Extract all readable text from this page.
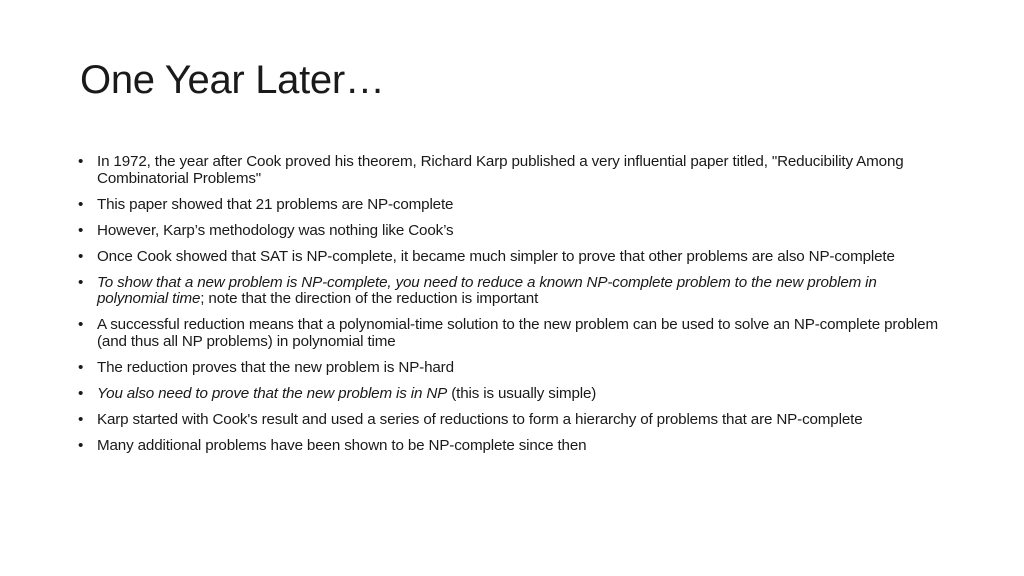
One Year Later…
• In 1972, the year after Cook proved his theorem, Richard Karp published a very influential paper titled, "Reducibility Among Combinatorial Problems"
• This paper showed that 21 problems are NP-complete
• However, Karp’s methodology was nothing like Cook’s
• Once Cook showed that SAT is NP-complete, it became much simpler to prove that other problems are also NP-complete
• To show that a new problem is NP-complete, you need to reduce a known NP-complete problem to the new problem in polynomial time; note that the direction of the reduction is important
• A successful reduction means that a polynomial-time solution to the new problem can be used to solve an NP-complete problem (and thus all NP problems) in polynomial time
• The reduction proves that the new problem is NP-hard
• You also need to prove that the new problem is in NP (this is usually simple)
• Karp started with Cook's result and used a series of reductions to form a hierarchy of problems that are NP-complete
• Many additional problems have been shown to be NP-complete since then
